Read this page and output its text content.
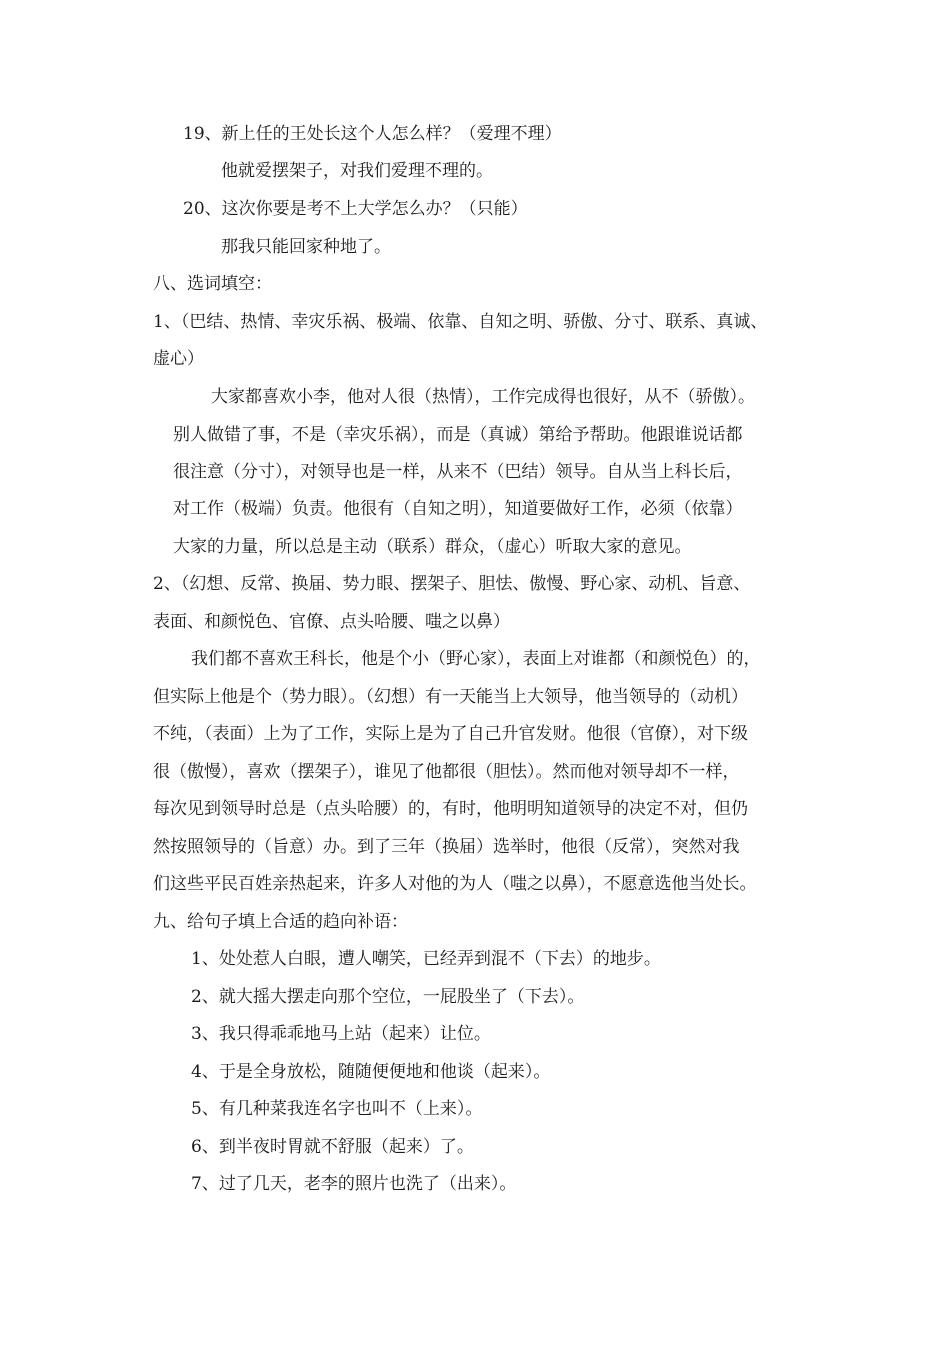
19、新上任的王处长这个人怎么样？（爱理不理）
他就爱摆架子，对我们爱理不理的。
20、这次你要是考不上大学怎么办？（只能）
那我只能回家种地了。
八、选词填空：
1、（巴结、热情、幸灾乐祸、极端、依靠、自知之明、骄傲、分寸、联系、真诚、
虚心）
大家都喜欢小李，他对人很（热情），工作完成得也很好，从不（骄傲）。
别人做错了事，不是（幸灾乐祸），而是（真诚）第给予帮助。他跟谁说话都
很注意（分寸），对领导也是一样，从来不（巴结）领导。自从当上科长后，
对工作（极端）负责。他很有（自知之明），知道要做好工作，必须（依靠）
大家的力量，所以总是主动（联系）群众，（虚心）听取大家的意见。
2、（幻想、反常、换届、势力眼、摆架子、胆怯、傲慢、野心家、动机、旨意、
表面、和颜悦色、官僚、点头哈腰、嗤之以鼻）
我们都不喜欢王科长，他是个小（野心家），表面上对谁都（和颜悦色）的，
但实际上他是个（势力眼）。（幻想）有一天能当上大领导，他当领导的（动机）
不纯，（表面）上为了工作，实际上是为了自己升官发财。他很（官僚），对下级
很（傲慢），喜欢（摆架子），谁见了他都很（胆怯）。然而他对领导却不一样，
每次见到领导时总是（点头哈腰）的，有时，他明明知道领导的决定不对，但仍
然按照领导的（旨意）办。到了三年（换届）选举时，他很（反常），突然对我
们这些平民百姓亲热起来，许多人对他的为人（嗤之以鼻），不愿意选他当处长。
九、给句子填上合适的趋向补语：
1、处处惹人白眼，遭人嘲笑，已经弄到混不（下去）的地步。
2、就大摇大摆走向那个空位，一屁股坐了（下去）。
3、我只得乖乖地马上站（起来）让位。
4、于是全身放松，随随便便地和他谈（起来）。
5、有几种菜我连名字也叫不（上来）。
6、到半夜时胃就不舒服（起来）了。
7、过了几天，老李的照片也洗了（出来）。
